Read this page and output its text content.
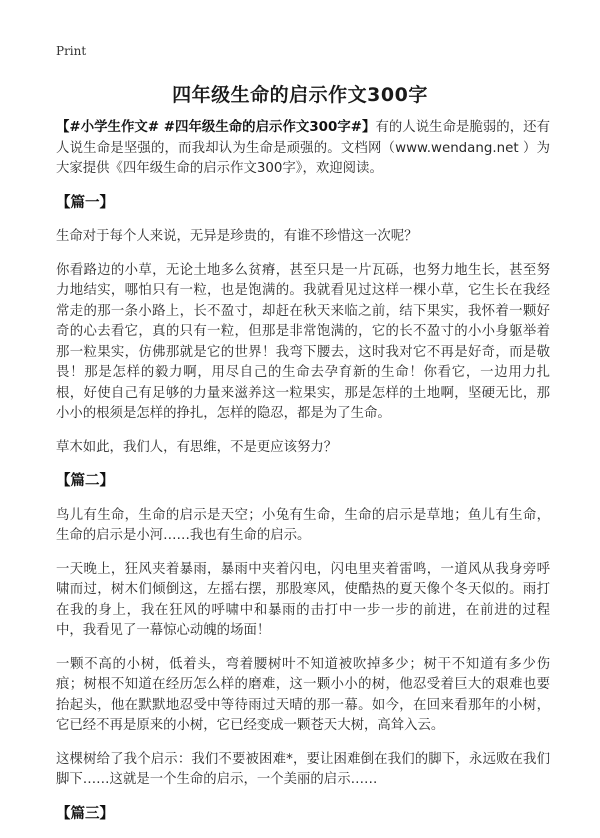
Print
四年级生命的启示作文300字

【#小学生作文# #四年级生命的启示作文300字#】有的人说生命是脆弱的，还有人说生命是坚强的，而我却认为生命是顽强的。文档网（www.wendang.net ）为大家提供《四年级生命的启示作文300字》，欢迎阅读。

【篇一】

生命对于每个人来说，无异是珍贵的，有谁不珍惜这一次呢？

你看路边的小草，无论土地多么贫瘠，甚至只是一片瓦砾，也努力地生长，甚至努力地结实，哪怕只有一粒，也是饱满的。我就看见过这样一棵小草，它生长在我经常走的那一条小路上，长不盈寸，却赶在秋天来临之前，结下果实，我怀着一颗好奇的心去看它，真的只有一粒，但那是非常饱满的，它的长不盈寸的小小身躯举着那一粒果实，仿佛那就是它的世界！我弯下腰去，这时我对它不再是好奇，而是敬畏！那是怎样的毅力啊，用尽自己的生命去孕育新的生命！你看它，一边用力扎根，好使自己有足够的力量来滋养这一粒果实，那是怎样的土地啊，坚硬无比，那小小的根须是怎样的挣扎，怎样的隐忍，都是为了生命。

草木如此，我们人，有思维，不是更应该努力？

【篇二】

鸟儿有生命，生命的启示是天空；小兔有生命，生命的启示是草地；鱼儿有生命，生命的启示是小河……我也有生命的启示。

一天晚上，狂风夹着暴雨，暴雨中夹着闪电，闪电里夹着雷鸣，一道风从我身旁呼啸而过，树木们倾倒这，左摇右摆，那股寒风，使酷热的夏天像个冬天似的。雨打在我的身上，我在狂风的呼啸中和暴雨的击打中一步一步的前进，在前进的过程中，我看见了一幕惊心动魄的场面！

一颗不高的小树，低着头，弯着腰树叶不知道被吹掉多少；树干不知道有多少伤痕；树根不知道在经历怎么样的磨难，这一颗小小的树，他忍受着巨大的艰难也要抬起头，他在默默地忍受中等待雨过天晴的那一幕。如今，在回来看那年的小树，它已经不再是原来的小树，它已经变成一颗苍天大树，高耸入云。

这棵树给了我个启示：我们不要被困难*，要让困难倒在我们的脚下，永远败在我们脚下……这就是一个生命的启示，一个美丽的启示……

【篇三】
